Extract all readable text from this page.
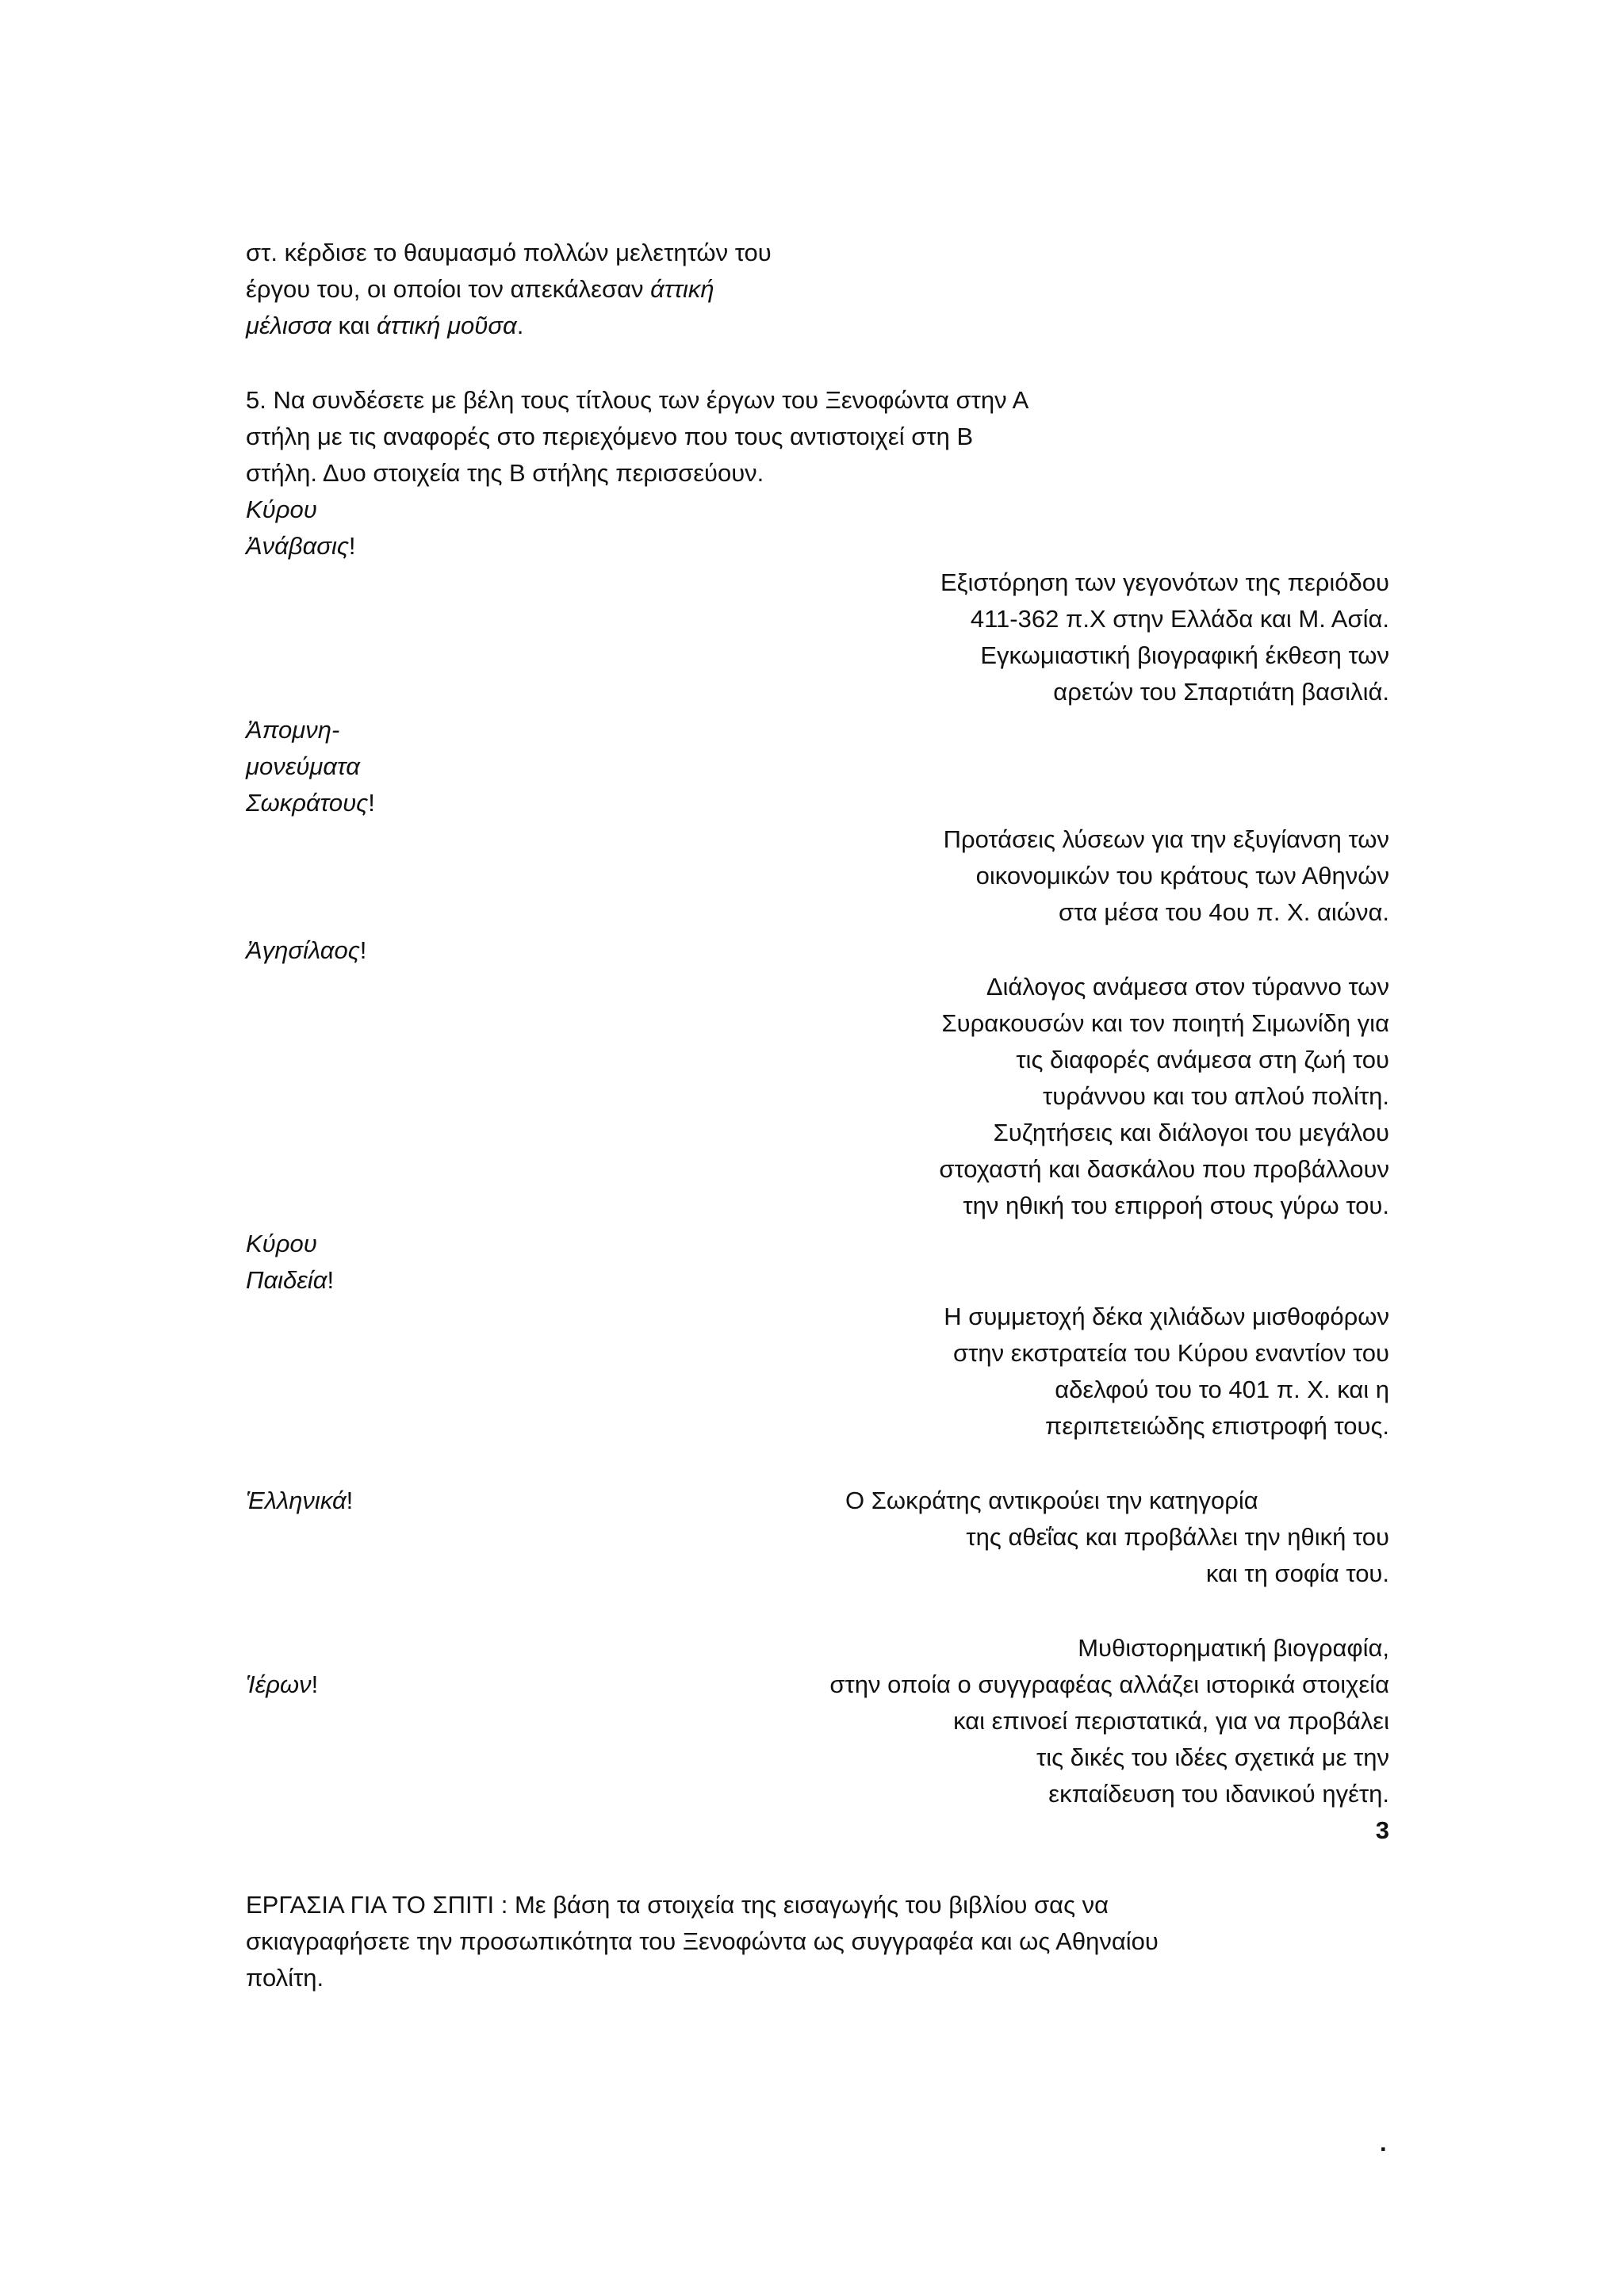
στ. κέρδισε το θαυμασμό πολλών μελετητών του
έργου του, οι οποίοι τον απεκάλεσαν άττική
μέλισσα και άττική μοῦσα.
5. Να συνδέσετε με βέλη τους τίτλους των έργων του Ξενοφώντα στην Α
στήλη με τις αναφορές στο περιεχόμενο που τους αντιστοιχεί στη Β
στήλη. Δυο στοιχεία της Β στήλης περισσεύουν.
Κύρου
Ἀνάβασις!
Ἀπομνη-
μονεύματα
Σωκράτους!
Ἀγησίλαος!
Κύρου
Παιδεία!
Ἑλληνικά!
Ἱέρων!
Εξιστόρηση των γεγονότων της περιόδου
411-362 π.Χ στην Ελλάδα και Μ. Ασία.
Εγκωμιαστική βιογραφική έκθεση των
αρετών του Σπαρτιάτη βασιλιά.
Προτάσεις λύσεων για την εξυγίανση των
οικονομικών του κράτους των Αθηνών
στα μέσα του 4ου π. Χ. αιώνα.
Διάλογος ανάμεσα στον τύραννο των
Συρακουσών και τον ποιητή Σιμωνίδη για
τις διαφορές ανάμεσα στη ζωή του
τυράννου και του απλού πολίτη.
Συζητήσεις και διάλογοι του μεγάλου
στοχαστή και δασκάλου που προβάλλουν
την ηθική του επιρροή στους γύρω του.
Η συμμετοχή δέκα χιλιάδων μισθοφόρων
στην εκστρατεία του Κύρου εναντίον του
αδελφού του το 401 π. Χ. και η
περιπετειώδης επιστροφή τους.
Ο Σωκράτης αντικρούει την κατηγορία
της αθεΐας και προβάλλει την ηθική του
και τη σοφία του.
Μυθιστορηματική βιογραφία,
στην οποία ο συγγραφέας αλλάζει ιστορικά στοιχεία
και επινοεί περιστατικά, για να προβάλει
τις δικές του ιδέες σχετικά με την
εκπαίδευση του ιδανικού ηγέτη.
3
ΕΡΓΑΣΙΑ ΓΙΑ ΤΟ ΣΠΙΤΙ : Με βάση τα στοιχεία της εισαγωγής του βιβλίου σας να
σκιαγραφήσετε την προσωπικότητα του Ξενοφώντα ως συγγραφέα και ως Αθηναίου
πολίτη.
.
